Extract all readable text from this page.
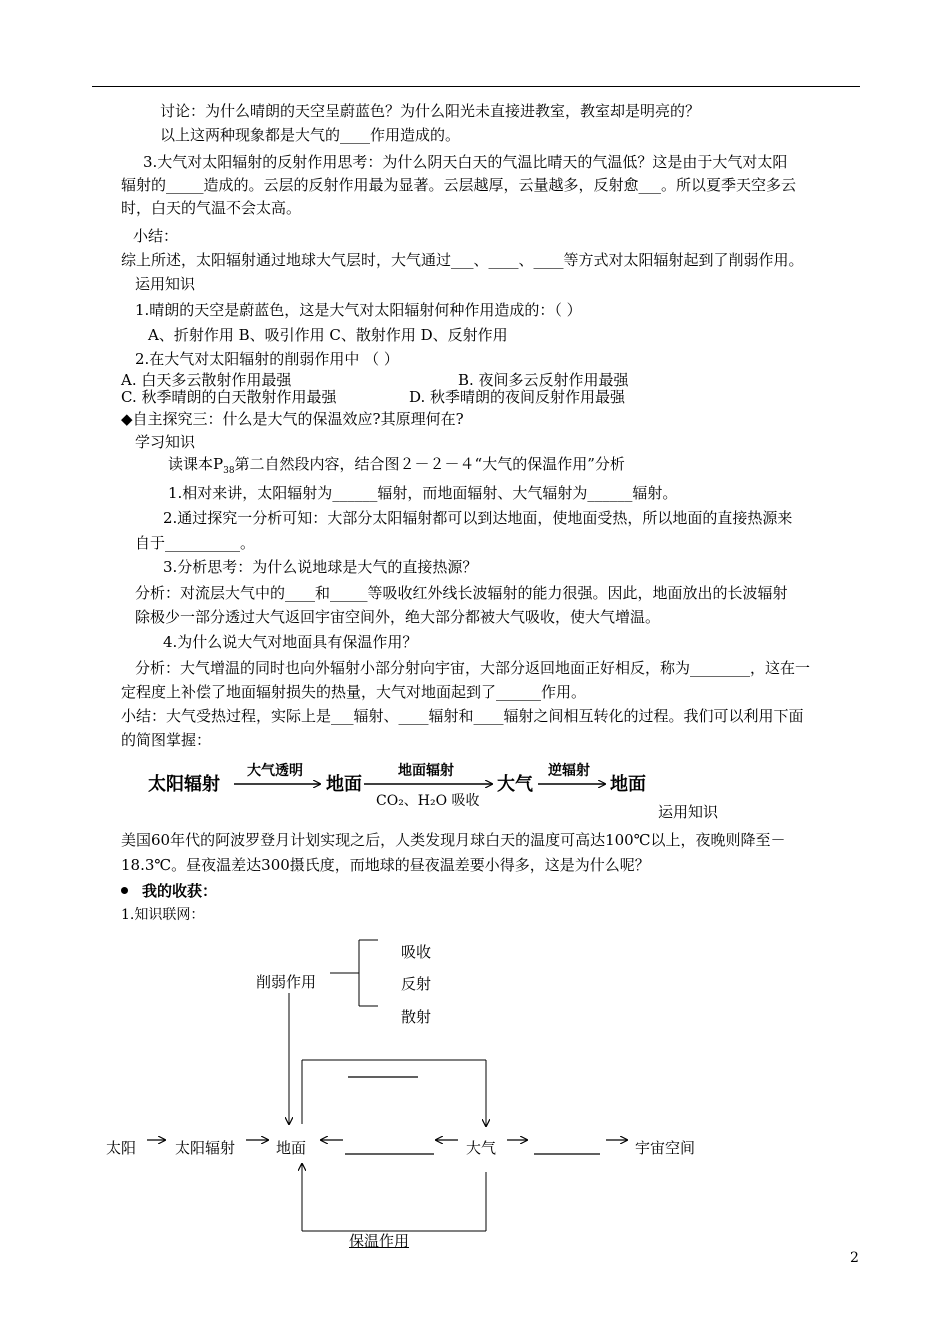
讨论：为什么晴朗的天空呈蔚蓝色？为什么阳光未直接进教室，教室却是明亮的？
以上这两种现象都是大气的____作用造成的。
3.大气对太阳辐射的反射作用思考：为什么阴天白天的气温比晴天的气温低？这是由于大气对太阳
辐射的_____造成的。云层的反射作用最为显著。云层越厚，云量越多，反射愈___。所以夏季天空多云
时，白天的气温不会太高。
小结：
综上所述，太阳辐射通过地球大气层时，大气通过___、____、____等方式对太阳辐射起到了削弱作用。
运用知识
1.晴朗的天空是蔚蓝色，这是大气对太阳辐射何种作用造成的：（ ）
A、折射作用 B、吸引作用 C、散射作用 D、反射作用
2.在大气对太阳辐射的削弱作用中 （ ）
A. 白天多云散射作用最强	B. 夜间多云反射作用最强
C. 秋季晴朗的白天散射作用最强	D. 秋季晴朗的夜间反射作用最强
◆自主探究三：什么是大气的保温效应?其原理何在?
学习知识
读课本$P_{38}$第二自然段内容，结合图２－２－４“大气的保温作用”分析
1.相对来讲，太阳辐射为______辐射，而地面辐射、大气辐射为______辐射。
2.通过探究一分析可知：大部分太阳辐射都可以到达地面，使地面受热，所以地面的直接热源来
自于__________。
3.分析思考：为什么说地球是大气的直接热源？
分析：对流层大气中的____和_____等吸收红外线长波辐射的能力很强。因此，地面放出的长波辐射
除极少一部分透过大气返回宇宙空间外，绝大部分都被大气吸收，使大气增温。
4.为什么说大气对地面具有保温作用？
分析：大气增温的同时也向外辐射小部分射向宇宙，大部分返回地面正好相反，称为________，这在一
定程度上补偿了地面辐射损失的热量，大气对地面起到了______作用。
小结：大气受热过程，实际上是___辐射、____辐射和____辐射之间相互转化的过程。我们可以利用下面
的简图掌握：
太阳辐射
大气透明
地面
地面辐射
CO₂、H₂O 吸收
大气
逆辐射
地面
运用知识
美国60年代的阿波罗登月计划实现之后，人类发现月球白天的温度可高达100℃以上，夜晚则降至－
18.3℃。昼夜温差达300摄氏度，而地球的昼夜温差要小得多，这是为什么呢？
我的收获：
1.知识联网：
削弱作用
吸收
反射
散射
太阳	太阳辐射	地面	大气	宇宙空间
保温作用
2
